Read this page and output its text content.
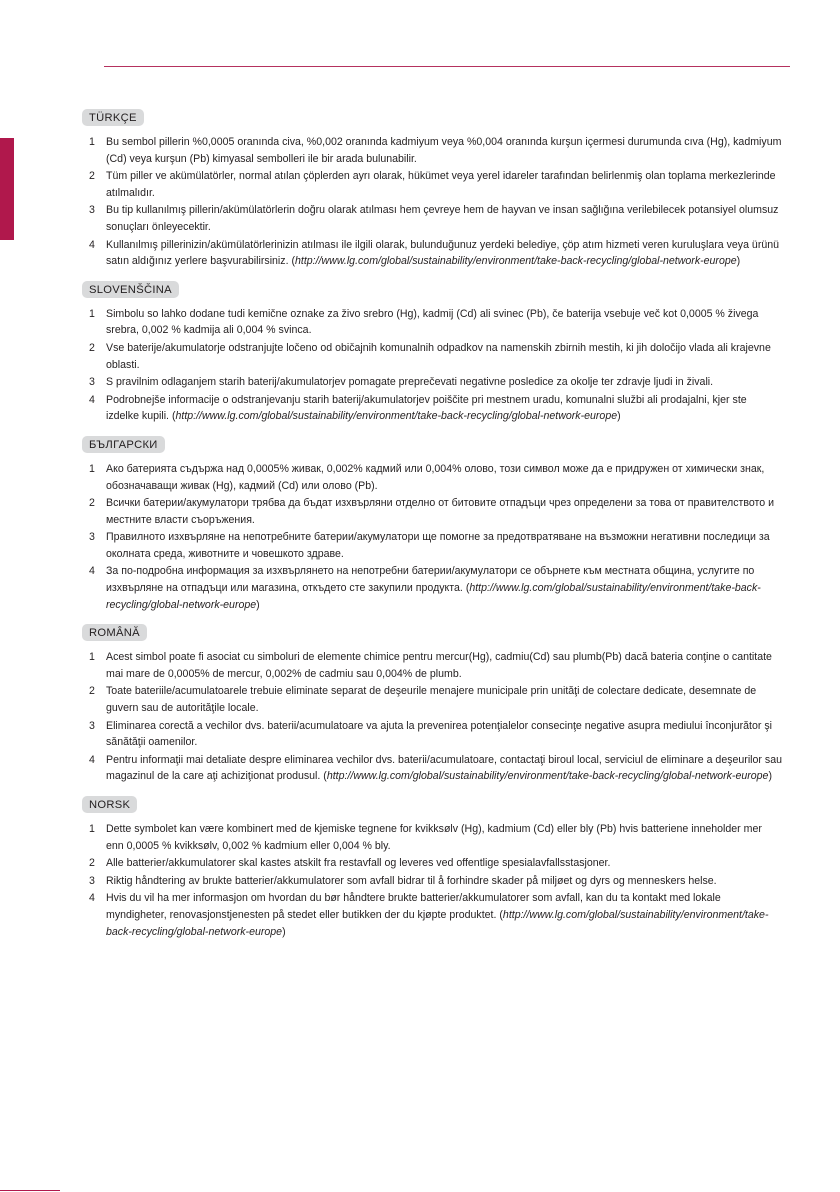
TÜRKÇE
1 Bu sembol pillerin %0,0005 oranında civa, %0,002 oranında kadmiyum veya %0,004 oranında kurşun içermesi durumunda cıva (Hg), kadmiyum (Cd) veya kurşun (Pb) kimyasal sembolleri ile bir arada bulunabilir.
2 Tüm piller ve akümülatörler, normal atılan çöplerden ayrı olarak, hükümet veya yerel idareler tarafından belirlenmiş olan toplama merkezlerinde atılmalıdır.
3 Bu tip kullanılmış pillerin/akümülatörlerin doğru olarak atılması hem çevreye hem de hayvan ve insan sağlığına verilebilecek potansiyel olumsuz sonuçları önleyecektir.
4 Kullanılmış pillerinizin/akümülatörlerinizin atılması ile ilgili olarak, bulunduğunuz yerdeki belediye, çöp atım hizmeti veren kuruluşlara veya ürünü satın aldığınız yerlere başvurabilirsiniz. (http://www.lg.com/global/sustainability/environment/take-back-recycling/global-network-europe)
SLOVENŠČINA
1 Simbolu so lahko dodane tudi kemične oznake za živo srebro (Hg), kadmij (Cd) ali svinec (Pb), če baterija vsebuje več kot 0,0005 % živega srebra, 0,002 % kadmija ali 0,004 % svinca.
2 Vse baterije/akumulatorje odstranjujte ločeno od običajnih komunalnih odpadkov na namenskih zbirnih mestih, ki jih določijo vlada ali krajevne oblasti.
3 S pravilnim odlaganjem starih baterij/akumulatorjev pomagate preprečevati negativne posledice za okolje ter zdravje ljudi in živali.
4 Podrobnejše informacije o odstranjevanju starih baterij/akumulatorjev poiščite pri mestnem uradu, komunalni službi ali prodajalni, kjer ste izdelke kupili. (http://www.lg.com/global/sustainability/environment/take-back-recycling/global-network-europe)
БЪЛГАРСКИ
1 Ако батерията съдържа над 0,0005% живак, 0,002% кадмий или 0,004% олово, този символ може да е придружен от химически знак, обозначаващи живак (Hg), кадмий (Cd) или олово (Pb).
2 Всички батерии/акумулатори трябва да бъдат изхвърляни отделно от битовите отпадъци чрез определени за това от правителството и местните власти съоръжения.
3 Правилното изхвърляне на непотребните батерии/акумулатори ще помогне за предотвратяване на възможни негативни последици за околната среда, животните и човешкото здраве.
4 За по-подробна информация за изхвърлянето на непотребни батерии/акумулатори се обърнете към местната община, услугите по изхвърляне на отпадъци или магазина, откъдето сте закупили продукта. (http://www.lg.com/global/sustainability/environment/take-back-recycling/global-network-europe)
ROMÂNĂ
1 Acest simbol poate fi asociat cu simboluri de elemente chimice pentru mercur(Hg), cadmiu(Cd) sau plumb(Pb) dacă bateria conţine o cantitate mai mare de 0,0005% de mercur, 0,002% de cadmiu sau 0,004% de plumb.
2 Toate bateriile/acumulatoarele trebuie eliminate separat de deşeurile menajere municipale prin unităţi de colectare dedicate, desemnate de guvern sau de autorităţile locale.
3 Eliminarea corectă a vechilor dvs. baterii/acumulatoare va ajuta la prevenirea potenţialelor consecinţe negative asupra mediului înconjurător şi sănătăţii oamenilor.
4 Pentru informaţii mai detaliate despre eliminarea vechilor dvs. baterii/acumulatoare, contactaţi biroul local, serviciul de eliminare a deşeurilor sau magazinul de la care aţi achiziţionat produsul. (http://www.lg.com/global/sustainability/environment/take-back-recycling/global-network-europe)
NORSK
1 Dette symbolet kan være kombinert med de kjemiske tegnene for kvikksølv (Hg), kadmium (Cd) eller bly (Pb) hvis batteriene inneholder mer enn 0,0005 % kvikksølv, 0,002 % kadmium eller 0,004 % bly.
2 Alle batterier/akkumulatorer skal kastes atskilt fra restavfall og leveres ved offentlige spesialavfallsstasjoner.
3 Riktig håndtering av brukte batterier/akkumulatorer som avfall bidrar til å forhindre skader på miljøet og dyrs og menneskers helse.
4 Hvis du vil ha mer informasjon om hvordan du bør håndtere brukte batterier/akkumulatorer som avfall, kan du ta kontakt med lokale myndigheter, renovasjonstjenesten på stedet eller butikken der du kjøpte produktet. (http://www.lg.com/global/sustainability/environment/take-back-recycling/global-network-europe)
